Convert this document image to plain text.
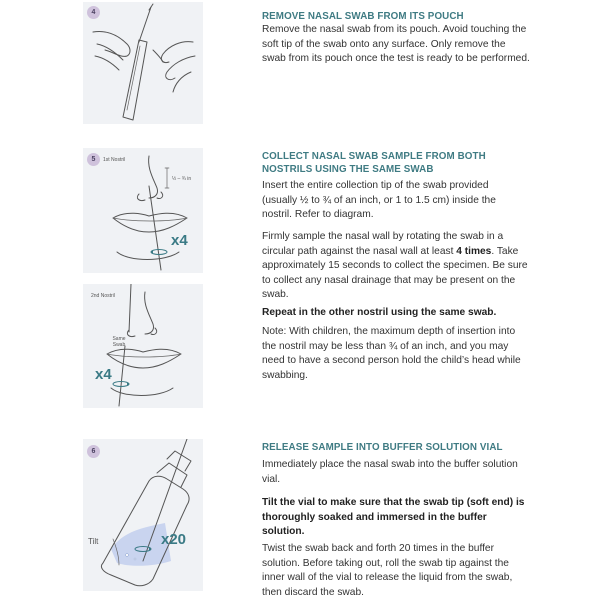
4	REMOVE NASAL SWAB FROM ITS POUCH
Remove the nasal swab from its pouch. Avoid touching the soft tip of the swab onto any surface. Only remove the swab from its pouch once the test is ready to be performed.
5	1st Nostril
½ – ¾ in
x4
2nd Nostril
Same Swab
x4
COLLECT NASAL SWAB SAMPLE FROM BOTH
NOSTRILS USING THE SAME SWAB
Insert the entire collection tip of the swab provided (usually ½ to ¾ of an inch, or 1 to 1.5 cm) inside the nostril. Refer to diagram.
Firmly sample the nasal wall by rotating the swab in a circular path against the nasal wall at least 4 times. Take approximately 15 seconds to collect the specimen. Be sure to collect any nasal drainage that may be present on the swab.
Repeat in the other nostril using the same swab.
Note: With children, the maximum depth of insertion into the nostril may be less than ¾ of an inch, and you may need to have a second person hold the child’s head while swabbing.
6
Tilt	x20
RELEASE SAMPLE INTO BUFFER SOLUTION VIAL
Immediately place the nasal swab into the buffer solution vial.
Tilt the vial to make sure that the swab tip (soft end) is thoroughly soaked and immersed in the buffer solution.
Twist the swab back and forth 20 times in the buffer solution. Before taking out, roll the swab tip against the inner wall of the vial to release the liquid from the swab, then discard the swab.
